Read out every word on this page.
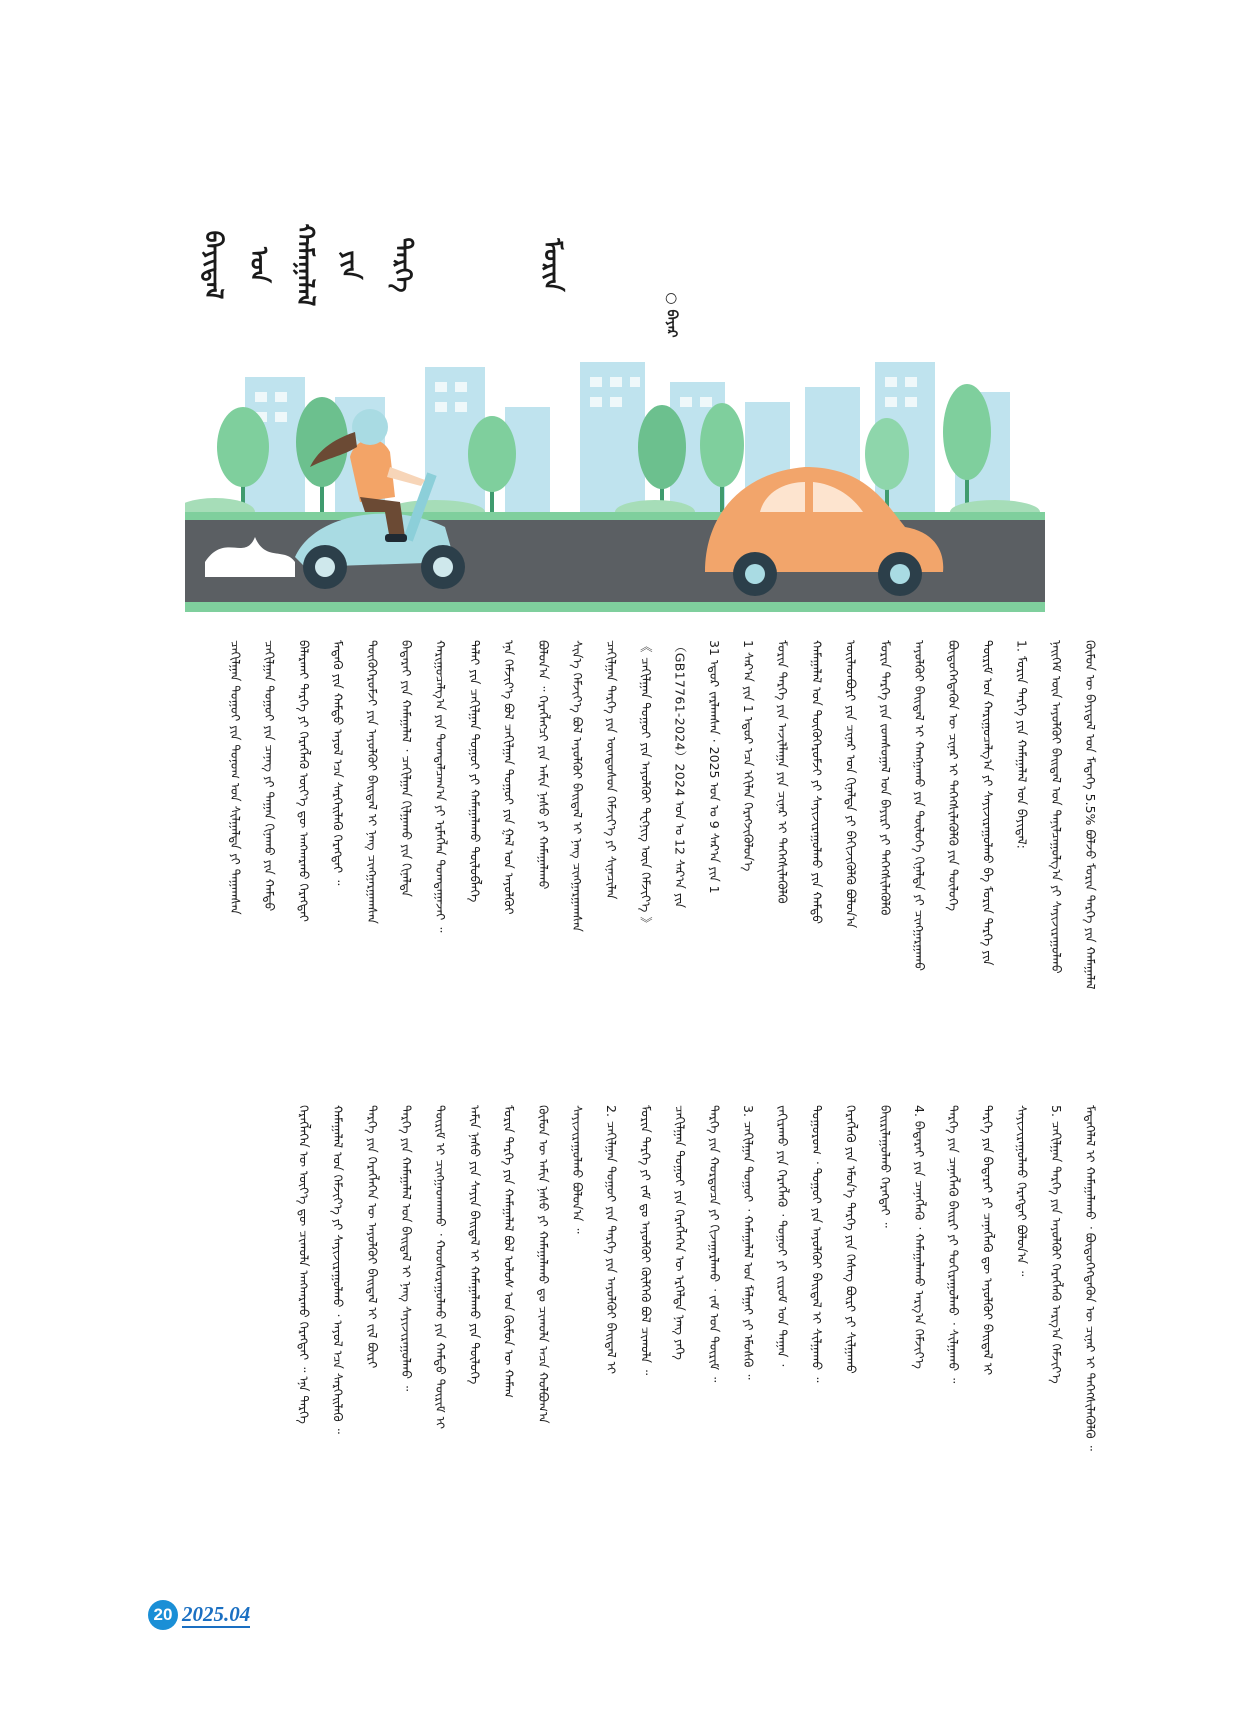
ᠪᠠᠶᠢᠳᠠᠯ ᠤᠨ ᠬᠠᠮᠠᠭᠠᠯᠠᠯ ᠶᠢᠨ ᠲᠡᠷᠭᠡ	ᠮᠣᠷᠢᠨ
○ ᠪᠠᠶᠠᠷ
ᠬᠦᠮᠦᠨ ᠦ ᠪᠠᠶᠢᠳᠠᠯ ᠤᠨ ᠮᠡᠳᠡᠭᠡ 5.5% ᠪᠣᠯᠵᠤ ᠮᠣᠷᠢᠨ ᠲᠡᠷᠭᠡ ᠶᠢᠨ ᠬᠠᠮᠠᠭᠠᠯᠠᠯ
ᠨᠡᠢᠭᠡᠮ ᠦᠨ ᠠᠶᠤᠯᠭᠦᠢ ᠪᠠᠢᠳᠠᠯ ᠤᠨ ᠲᠠᠨᠢᠯᠴᠠᠭᠤᠯᠭ᠎ᠠ ᠶᠢ ᠰᠠᠶᠢᠵᠢᠷᠠᠭᠤᠯᠬᠤ
1. ᠮᠣᠷᠢᠨ ᠲᠡᠷᠭᠡ ᠶᠢᠨ ᠬᠠᠮᠠᠭᠠᠯᠠᠯ ᠤᠨ ᠪᠠᠶᠢᠳᠠᠯ:
ᠳᠦᠷᠢᠮ ᠤᠨ ᠬᠠᠷᠢᠭᠤᠴᠠᠯᠭ᠎ᠠ ᠶᠢ ᠰᠠᠶᠢᠵᠢᠷᠠᠭᠤᠯᠬᠤ ᠪᠠ ᠮᠣᠷᠢᠨ ᠲᠡᠷᠭᠡ ᠶᠢᠨ
ᠪᠦᠲᠦᠭᠡᠭᠳᠡᠬᠦᠨ ᠦ ᠴᠢᠨᠠᠷ ᠢ ᠳᠡᠭᠡᠭᠰᠢᠯᠡᠭᠦᠯᠬᠦ ᠶᠢᠨ ᠲᠥᠯᠦᠭᠡ
ᠠᠶᠤᠯᠭᠦᠢ ᠪᠠᠢᠳᠠᠯ ᠢ ᠬᠠᠩᠭᠠᠬᠤ ᠶᠢᠨ ᠲᠥᠯᠦᠭᠡ ᠬᠢᠨᠠᠯᠲᠠ ᠶᠢ ᠴᠢᠩᠭᠠᠷᠭᠠᠬᠤ
ᠮᠣᠷᠢᠨ ᠲᠡᠷᠭᠡ ᠶᠢᠨ ᠵᠣᠭᠰᠤᠭᠠᠯ ᠤᠨ ᠪᠠᠶᠢᠷᠢ ᠶᠢ ᠳᠡᠭᠡᠭᠰᠢᠯᠡᠭᠦᠯᠬᠦ
ᠦᠢᠯᠡᠳᠪᠦᠷᠢ ᠶᠢᠨ ᠴᠢᠨᠠᠷ ᠤᠨ ᠬᠢᠨᠠᠯᠲᠠ ᠶᠢ ᠪᠡᠬᠢᠵᠢᠭᠦᠯᠬᠦ ᠪᠣᠯᠤᠨ᠎ᠠ
ᠬᠠᠮᠠᠭᠠᠯᠠᠯ ᠤᠨ ᠲᠥᠬᠥᠭᠡᠷᠦᠮᠵᠢ ᠶᠢ ᠰᠠᠶᠢᠵᠢᠷᠠᠭᠤᠯᠬᠤ ᠶᠢᠨ ᠬᠠᠮᠲᠤ
ᠮᠣᠷᠢᠨ ᠲᠡᠷᠭᠡ ᠶᠢᠨ ᠠᠵᠢᠯᠯᠠᠭᠠ ᠶᠢᠨ ᠴᠢᠨᠠᠷ ᠢ ᠳᠡᠭᠡᠭᠰᠢᠯᠡᠭᠦᠯᠬᠦ
1 ᠰᠠᠷ᠎ᠠ ᠶᠢᠨ 1 ᠡᠳᠦᠷ ᠡᠴᠡ ᠡᠬᠢᠯᠡᠨ ᠬᠡᠷᠡᠭᠵᠢᠭᠦᠯᠦᠨ᠎ᠡ
31 ᠡᠳᠦᠷ ᠵᠠᠷᠯᠠᠭᠰᠠᠨ · 2025 ᠣᠨ ᠤ 9 ᠰᠠᠷ᠎ᠠ ᠶᠢᠨ 1
（GB17761-2024）2024 ᠣᠨ ᠤ 12 ᠰᠠᠷ᠎ᠠ ᠶᠢᠨ
《 ᠴᠠᠬᠢᠯᠭᠠᠨ ᠳᠤᠭᠤᠢ ᠶᠢᠨ ᠠᠶᠤᠯᠭᠦᠢ ᠲᠧᠬᠨᠢᠭ ᠦᠨ ᠬᠡᠮᠵᠢᠶ᠎ᠡ 》
ᠴᠠᠬᠢᠯᠭᠠᠨ ᠲᠡᠷᠭᠡ ᠶᠢᠨ ᠦᠨᠳᠦᠰᠦᠨ ᠬᠡᠮᠵᠢᠶ᠎ᠡ ᠶᠢ ᠰᠢᠨᠡᠴᠢᠯᠡᠨ
ᠰᠢᠨ᠎ᠡ ᠬᠡᠮᠵᠢᠶ᠎ᠡ ᠪᠣᠯ ᠠᠶᠤᠯᠭᠦᠢ ᠪᠠᠢᠳᠠᠯ ᠢ ᠨᠡᠩ ᠴᠢᠩᠭᠠᠷᠭᠠᠭᠰᠠᠨ
ᠪᠣᠯᠤᠨ᠎ᠠ ᠃ ᠬᠡᠷᠡᠭᠯᠡᠭᠴᠢ ᠶᠢᠨ ᠠᠮᠢᠨ ᠨᠠᠰᠤ ᠶᠢ ᠬᠠᠮᠠᠭᠠᠯᠠᠬᠤ
ᠡᠨᠡ ᠬᠡᠮᠵᠢᠶ᠎ᠡ ᠪᠣᠯ ᠴᠠᠬᠢᠯᠭᠠᠨ ᠳᠤᠭᠤᠢ ᠶᠢᠨ ᠭᠠᠯ ᠤᠨ ᠠᠶᠤᠯᠭᠦᠢ
ᠳᠠᠯᠠᠢ ᠶᠢᠨ ᠴᠠᠬᠢᠯᠭᠠᠨ ᠳᠤᠭᠤᠢ ᠶᠢ ᠬᠠᠮᠠᠭᠠᠯᠠᠬᠤ ᠲᠥᠯᠦᠪᠯᠡᠭᠡ
ᠬᠠᠷᠢᠭᠤᠴᠠᠯᠭ᠎ᠠ ᠶᠢᠨ ᠲᠣᠭᠲᠠᠯᠴᠠᠭ᠎ᠠ ᠶᠢ ᠡᠷᠮᠡᠭᠯᠡᠨ ᠲᠣᠭᠲᠠᠭᠠᠵᠠᠢ ᠃
ᠪᠠᠲᠠᠷᠡᠢ ᠶᠢᠨ ᠬᠠᠮᠠᠭᠠᠯᠠᠯ ᠂ ᠴᠠᠬᠢᠯᠭᠠᠨ ᠬᠢᠯᠭᠠᠬᠤ ᠶᠢᠨ ᠬᠢᠨᠠᠯᠲᠠ
ᠲᠥᠬᠥᠭᠡᠷᠦᠮᠵᠢ ᠶᠢᠨ ᠠᠶᠤᠯᠭᠦᠢ ᠪᠠᠢᠳᠠᠯ ᠢ ᠨᠡᠩ ᠴᠢᠩᠭᠠᠷᠭᠠᠭᠰᠠᠨ
ᠮᠡᠳᠡᠬᠦ ᠶᠢᠨ ᠬᠠᠮᠲᠤ ᠠᠶᠤᠯ ᠡᠴᠡ ᠰᠡᠷᠭᠡᠢᠯᠡᠬᠦ ᠬᠡᠷᠡᠭᠲᠡᠢ ᠃
ᠪᠠᠯᠠᠷᠬᠠᠢ ᠲᠡᠷᠭᠡ ᠶᠢ ᠬᠡᠷᠡᠭᠯᠡᠬᠦ ᠦᠶ᠎ᠡ ᠳᠦ ᠠᠩᠬᠠᠷᠬᠤ ᠬᠡᠷᠡᠭᠲᠡᠢ
ᠴᠠᠬᠢᠯᠭᠠᠨ ᠳᠤᠭᠤᠢ ᠶᠢᠨ ᠴᠡᠨᠡᠭ ᠶᠢ ᠳᠠᠭᠠᠨ ᠬᠢᠨᠠᠬᠤ ᠶᠢᠨ ᠬᠠᠮᠲᠤ
ᠴᠠᠬᠢᠯᠭᠠᠨ ᠳᠤᠭᠤᠢ ᠶᠢᠨ ᠲᠣᠨᠣᠭ ᠤᠨ ᠰᠢᠯᠭᠠᠯᠲᠠ ᠶᠢ ᠳᠠᠭᠠᠭᠰᠠᠨ
ᠮᠡᠳᠡᠭᠡᠯᠡᠯ ᠢ ᠬᠠᠮᠠᠭᠠᠯᠠᠬᠤ ᠂ ᠪᠦᠲᠦᠭᠡᠭᠳᠡᠬᠦᠨ ᠦ ᠴᠢᠨᠠᠷ ᠢ ᠳᠡᠭᠡᠭᠰᠢᠯᠡᠭᠦᠯᠬᠦ ᠃
5. ᠴᠠᠬᠢᠯᠭᠠᠨ ᠲᠡᠷᠭᠡ ᠶᠢᠨ ᠠᠶᠤᠯᠭᠦᠢ ᠬᠡᠷᠡᠭᠯᠡᠬᠦ ᠠᠷᠭ᠎ᠠ ᠬᠡᠮᠵᠢᠶ᠎ᠡ
ᠰᠠᠶᠢᠵᠢᠷᠠᠭᠤᠯᠬᠤ ᠬᠡᠷᠡᠭᠲᠡᠢ ᠪᠣᠯᠤᠨ᠎ᠠ ᠃
ᠲᠡᠷᠭᠡ ᠶᠢᠨ ᠪᠠᠲᠠᠷᠡᠢ ᠶᠢ ᠴᠡᠨᠡᠭᠯᠡᠬᠦ ᠳᠦ ᠠᠶᠤᠯᠭᠦᠢ ᠪᠠᠢᠳᠠᠯ ᠢ
ᠲᠡᠷᠭᠡ ᠶᠢᠨ ᠴᠡᠨᠡᠭᠯᠡᠬᠦ ᠪᠠᠢᠷᠢ ᠶᠢ ᠲᠣᠬᠢᠷᠠᠭᠤᠯᠬᠤ ᠂ ᠰᠢᠯᠭᠠᠬᠤ ᠃
4. ᠪᠠᠲᠠᠷᠡᠢ ᠶᠢᠨ ᠴᠡᠨᠡᠭᠯᠡᠬᠦ ᠂ ᠬᠠᠮᠠᠭᠠᠯᠠᠬᠤ ᠠᠷᠭ᠎ᠠ ᠬᠡᠮᠵᠢᠶ᠎ᠡ
ᠪᠠᠢᠷᠢᠯᠠᠭᠤᠯᠬᠤ ᠬᠡᠷᠡᠭᠲᠡᠢ ᠃
ᠬᠡᠷᠡᠭᠯᠡᠬᠦ ᠶᠢᠨ ᠡᠮᠦᠨ᠎ᠡ ᠲᠡᠷᠭᠡ ᠶᠢᠨ ᠬᠡᠰᠡᠭ ᠪᠦᠷᠢ ᠶᠢ ᠰᠢᠯᠭᠠᠬᠤ
ᠲᠣᠭᠤᠷᠤᠭ ᠂ ᠳᠣᠭᠤᠢ ᠶᠢᠨ ᠠᠶᠤᠯᠭᠦᠢ ᠪᠠᠢᠳᠠᠯ ᠢ ᠰᠢᠯᠭᠠᠬᠤ ᠃
ᠵᠠᠬᠢᠷᠠᠬᠤ ᠶᠢᠨ ᠬᠡᠷᠡᠭᠯᠡᠬᠦ ᠂ ᠳᠤᠭᠤᠢ ᠶᠢ ᠵᠢᠷᠤᠮ ᠤᠨ ᠳᠠᠭᠠᠨ ᠂
3. ᠴᠠᠬᠢᠯᠭᠠᠨ ᠳᠤᠭᠤᠢ ᠂ ᠬᠠᠮᠠᠭᠠᠯᠠᠯ ᠤᠨ ᠮᠠᠯᠭᠠᠢ ᠶᠢ ᠡᠮᠦᠰᠬᠦ ᠃
ᠲᠡᠷᠭᠡ ᠶᠢᠨ ᠬᠤᠷᠳᠤᠴᠠ ᠶᠢ ᠬᠢᠵᠠᠭᠠᠷᠯᠠᠬᠤ ᠂ ᠵᠠᠮ ᠤᠨ ᠳᠦᠷᠢᠮ ᠃
ᠴᠠᠬᠢᠯᠭᠠᠨ ᠳᠤᠭᠤᠢ ᠶᠢᠨ ᠬᠡᠷᠡᠭᠯᠡᠭᠡᠨ ᠦ ᠡᠷᠭᠡᠯᠲᠡ ᠨᠡᠩ ᠶᠡᠬᠡ
ᠮᠣᠷᠢᠨ ᠲᠡᠷᠭᠡ ᠶᠢ ᠵᠠᠮ ᠳᠤ ᠠᠶᠤᠯᠭᠦᠢ ᠬᠦᠯᠭᠡᠬᠦ ᠪᠣᠯ ᠴᠢᠬᠤᠯᠠ ᠃
2. ᠴᠠᠬᠢᠯᠭᠠᠨ ᠳᠤᠭᠤᠢ ᠶᠢᠨ ᠲᠡᠷᠭᠡ ᠶᠢᠨ ᠠᠶᠤᠯᠭᠦᠢ ᠪᠠᠢᠳᠠᠯ ᠢ
ᠰᠠᠶᠢᠵᠢᠷᠠᠭᠤᠯᠬᠤ ᠪᠣᠯᠤᠨ᠎ᠠ ᠃
ᠬᠦᠮᠦᠨ ᠦ ᠠᠮᠢᠨ ᠨᠠᠰᠤ ᠶᠢ ᠬᠠᠮᠠᠭᠠᠯᠠᠬᠤ ᠳᠤ ᠴᠢᠬᠤᠯᠠ ᠠᠴᠠ ᠬᠣᠯᠪᠣᠭ᠎ᠠ
ᠮᠣᠷᠢᠨ ᠲᠡᠷᠭᠡ ᠶᠢᠨ ᠬᠠᠮᠠᠭᠠᠯᠠᠯ ᠪᠣᠯ ᠤᠯᠤᠰ ᠤᠨ ᠬᠦᠮᠦᠨ ᠦ ᠬᠠᠮᠠᠭ
ᠠᠮᠢᠨ ᠨᠠᠰᠤ ᠶᠢᠨ ᠰᠠᠶᠢᠨ ᠪᠠᠢᠳᠠᠯ ᠢ ᠬᠠᠮᠠᠭᠠᠯᠠᠬᠤ ᠶᠢᠨ ᠲᠥᠯᠦᠭᠡ
ᠳᠦᠷᠢᠮ ᠢ ᠴᠢᠩᠭᠠᠳᠬᠠᠬᠤ ᠂ ᠬᠣᠣᠰᠤᠷᠠᠭᠤᠯᠬᠤ ᠶᠢᠨ ᠬᠠᠮᠲᠤ ᠳᠦᠷᠢᠮ ᠢ
ᠲᠡᠷᠭᠡ ᠶᠢᠨ ᠬᠠᠮᠠᠭᠠᠯᠠᠯ ᠤᠨ ᠪᠠᠢᠳᠠᠯ ᠢ ᠨᠡᠩ ᠰᠠᠶᠢᠵᠢᠷᠠᠭᠤᠯᠬᠤ ᠃
ᠲᠡᠷᠭᠡ ᠶᠢᠨ ᠬᠡᠷᠡᠭᠯᠡᠭᠡᠨ ᠦ ᠠᠶᠤᠯᠭᠦᠢ ᠪᠠᠢᠳᠠᠯ ᠢ ᠵᠢᠯ ᠪᠦᠷᠢ
ᠬᠠᠮᠠᠭᠠᠯᠠᠯ ᠤᠨ ᠬᠡᠮᠵᠢᠶ᠎ᠡ ᠶᠢ ᠰᠠᠶᠢᠵᠢᠷᠠᠭᠤᠯᠬᠤ ᠂ ᠠᠶᠤᠯ ᠡᠴᠡ ᠰᠡᠷᠭᠡᠢᠯᠡᠬᠦ ᠃
ᠬᠡᠷᠡᠭᠯᠡᠭᠡᠨ ᠦ ᠦᠶ᠎ᠡ ᠳᠦ ᠴᠢᠬᠤᠯᠠ ᠠᠩᠬᠠᠷᠬᠤ ᠬᠡᠷᠡᠭᠲᠡᠢ ᠃ ᠡᠨᠡ ᠲᠡᠷᠭᠡ
20 2025.04
